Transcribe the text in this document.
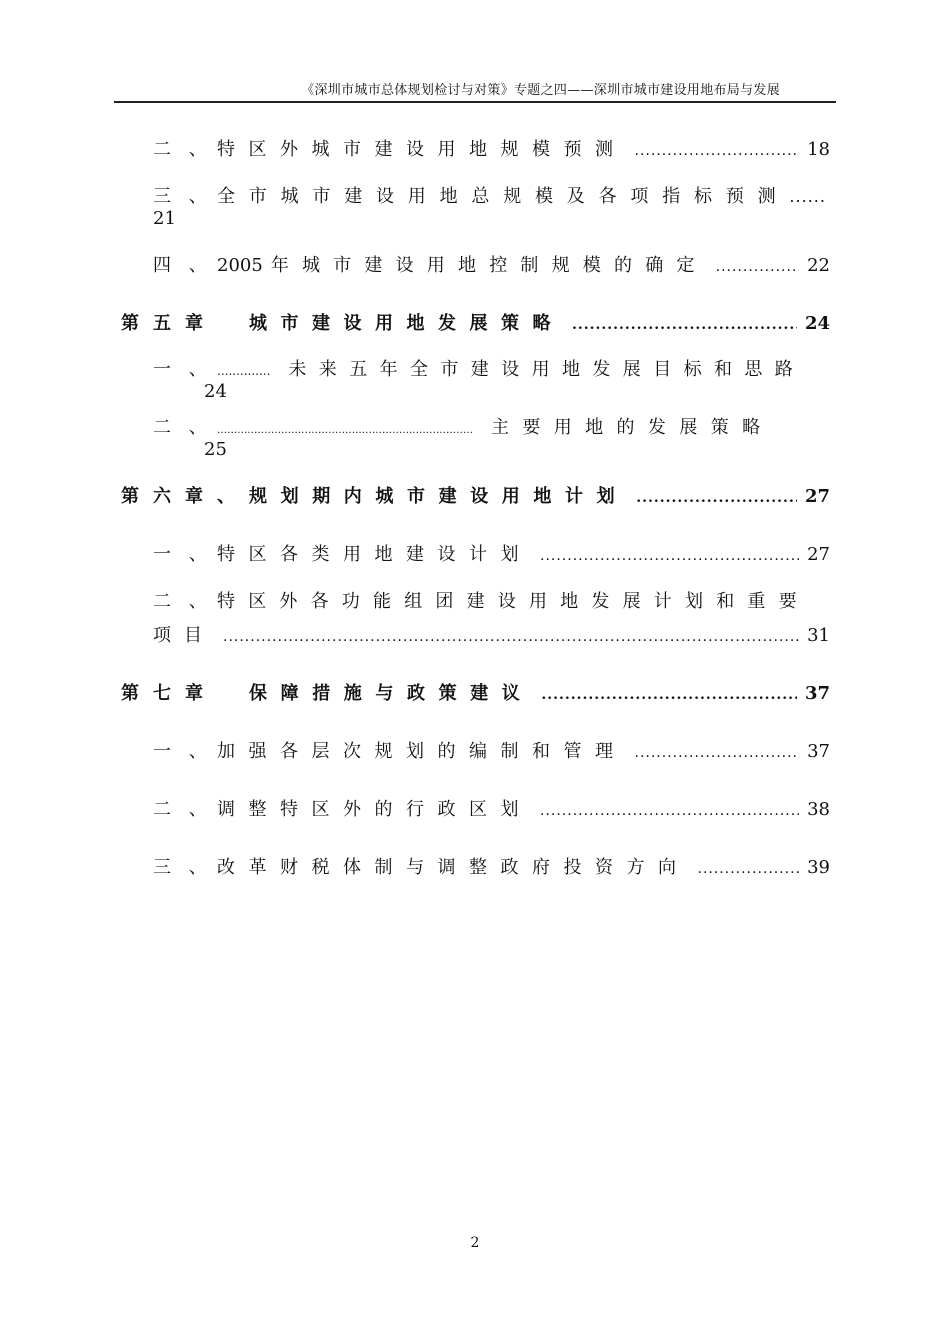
《深圳市城市总体规划检讨与对策》专题之四——深圳市城市建设用地布局与发展
二 、 特区外城市建设用地规模预测 .....	18
三 、 全市城市建设用地总规模及各项指标预测 ......
21
四 、 2005 年城市建设用地控制规模的确定 .....	22
第五章	城市建设用地发展策略 .....	24
一 、 .............. 未来五年全市建设用地发展目标和思路
24
二 、 ............................................................................ 主要用地的发展策略
25
第六章、 规划期内城市建设用地计划 .....	27
一 、 特区各类用地建设计划 .....	27
二 、 特区外各功能组团建设用地发展计划和重要
项目 .....	31
第七章	保障措施与政策建议 .....	37
一 、 加强各层次规划的编制和管理 .....	37
二 、 调整特区外的行政区划 .....	38
三 、 改革财税体制与调整政府投资方向 .....	39
2
